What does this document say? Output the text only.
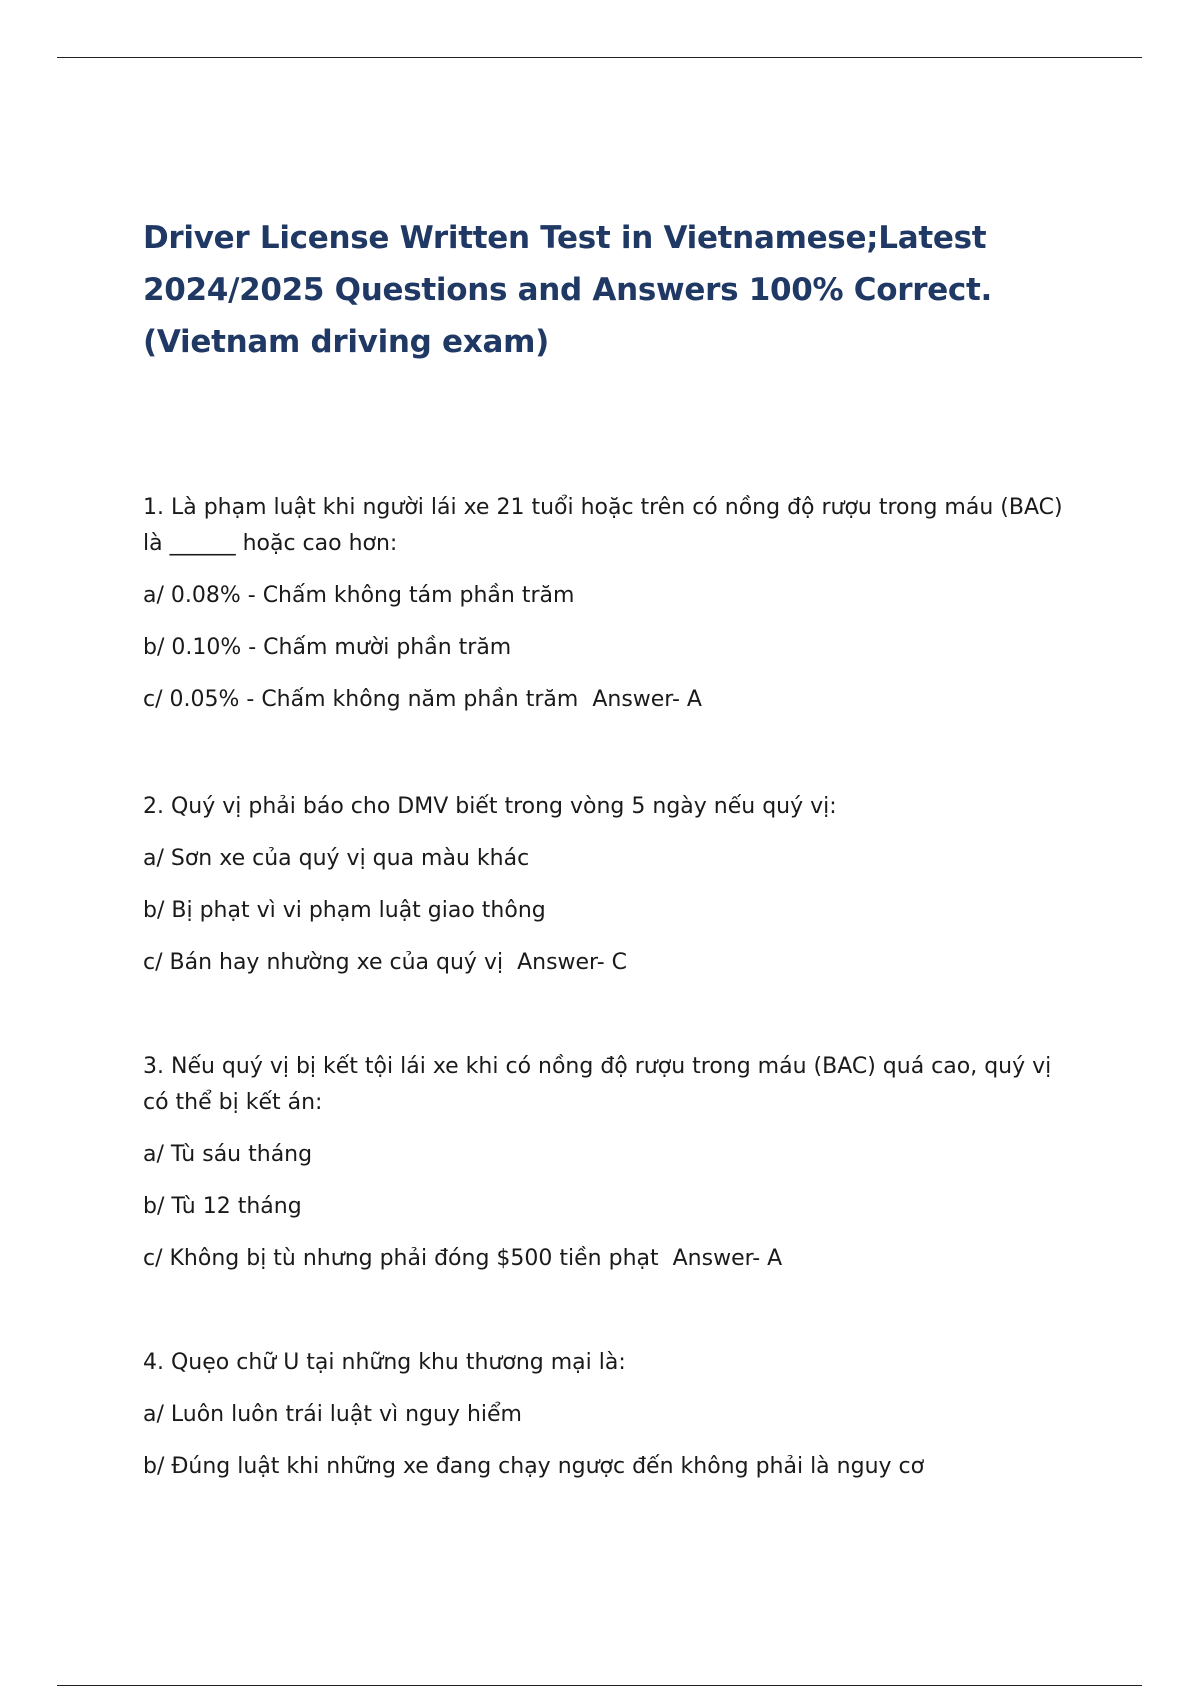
Driver License Written Test in Vietnamese;Latest 2024/2025 Questions and Answers 100% Correct. (Vietnam driving exam)

1. Là phạm luật khi người lái xe 21 tuổi hoặc trên có nồng độ rượu trong máu (BAC) là ______ hoặc cao hơn:

a/ 0.08% - Chấm không tám phần trăm

b/ 0.10% - Chấm mười phần trăm

c/ 0.05% - Chấm không năm phần trăm Answer- A

2. Quý vị phải báo cho DMV biết trong vòng 5 ngày nếu quý vị:

a/ Sơn xe của quý vị qua màu khác

b/ Bị phạt vì vi phạm luật giao thông

c/ Bán hay nhường xe của quý vị Answer- C

3. Nếu quý vị bị kết tội lái xe khi có nồng độ rượu trong máu (BAC) quá cao, quý vị có thể bị kết án:

a/ Tù sáu tháng

b/ Tù 12 tháng

c/ Không bị tù nhưng phải đóng $500 tiền phạt Answer- A

4. Quẹo chữ U tại những khu thương mại là:

a/ Luôn luôn trái luật vì nguy hiểm

b/ Đúng luật khi những xe đang chạy ngược đến không phải là nguy cơ
